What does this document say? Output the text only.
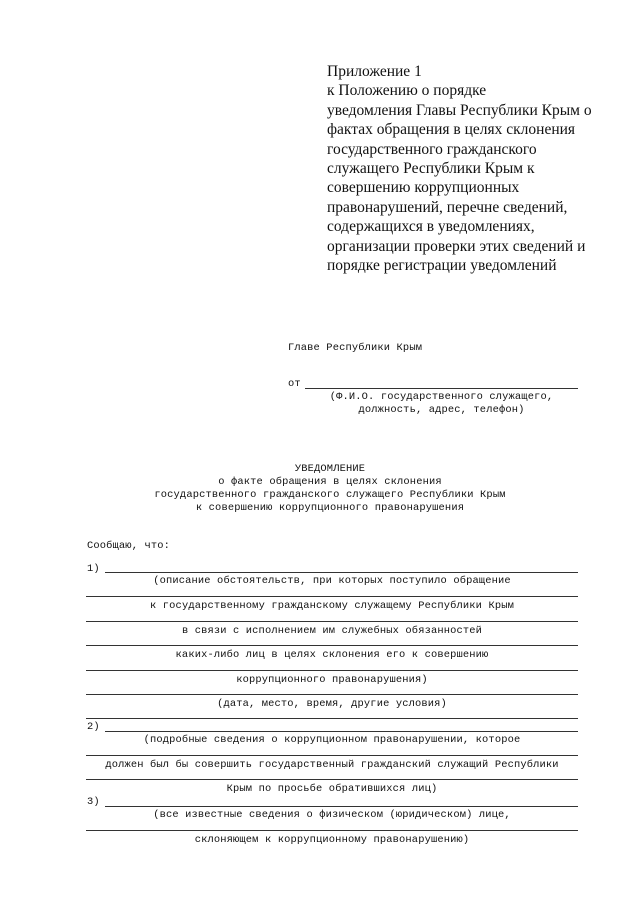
Приложение 1
к Положению о порядке
уведомления Главы Республики Крым о
фактах обращения в целях склонения
государственного гражданского
служащего Республики Крым к
совершению коррупционных
правонарушений, перечне сведений,
содержащихся в уведомлениях,
организации проверки этих сведений и
порядке регистрации уведомлений
Главе Республики Крым
от
(Ф.И.О. государственного служащего,
должность, адрес, телефон)
УВЕДОМЛЕНИЕ
о факте обращения в целях склонения
государственного гражданского служащего Республики Крым
к совершению коррупционного правонарушения
Сообщаю, что:
1)
(описание обстоятельств, при которых поступило обращение
к государственному гражданскому служащему Республики Крым
в связи с исполнением им служебных обязанностей
каких-либо лиц в целях склонения его к совершению
коррупционного правонарушения)
(дата, место, время, другие условия)
2)
(подробные сведения о коррупционном правонарушении, которое
должен был бы совершить государственный гражданский служащий Республики
Крым по просьбе обратившихся лиц)
3)
(все известные сведения о физическом (юридическом) лице,
склоняющем к коррупционному правонарушению)
